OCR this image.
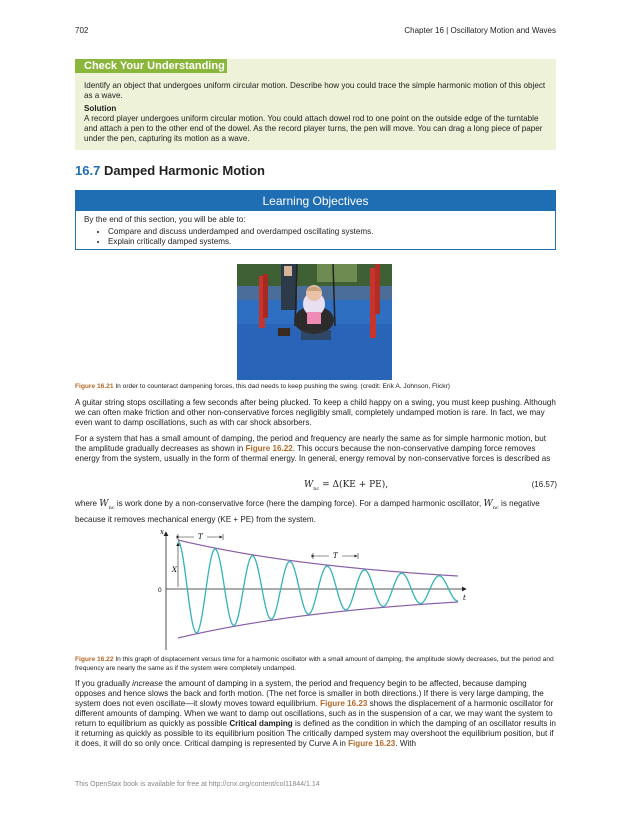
702	Chapter 16 | Oscillatory Motion and Waves
Check Your Understanding
Identify an object that undergoes uniform circular motion. Describe how you could trace the simple harmonic motion of this object as a wave.
Solution
A record player undergoes uniform circular motion. You could attach dowel rod to one point on the outside edge of the turntable and attach a pen to the other end of the dowel. As the record player turns, the pen will move. You can drag a long piece of paper under the pen, capturing its motion as a wave.
16.7 Damped Harmonic Motion
Learning Objectives
By the end of this section, you will be able to:
• Compare and discuss underdamped and overdamped oscillating systems.
• Explain critically damped systems.
Figure 16.21 In order to counteract dampening forces, this dad needs to keep pushing the swing. (credit: Erik A. Johnson, Flickr)
A guitar string stops oscillating a few seconds after being plucked. To keep a child happy on a swing, you must keep pushing. Although we can often make friction and other non-conservative forces negligibly small, completely undamped motion is rare. In fact, we may even want to damp oscillations, such as with car shock absorbers.
For a system that has a small amount of damping, the period and frequency are nearly the same as for simple harmonic motion, but the amplitude gradually decreases as shown in Figure 16.22. This occurs because the non-conservative damping force removes energy from the system, usually in the form of thermal energy. In general, energy removal by non-conservative forces is described as
$W_{nc} = \Delta(KE + PE)$,	(16.57)
where $W_{nc}$ is work done by a non-conservative force (here the damping force). For a damped harmonic oscillator, $W_{nc}$ is negative because it removes mechanical energy (KE + PE) from the system.
x
t
0
X
T
T
Figure 16.22 In this graph of displacement versus time for a harmonic oscillator with a small amount of damping, the amplitude slowly decreases, but the period and frequency are nearly the same as if the system were completely undamped.
If you gradually increase the amount of damping in a system, the period and frequency begin to be affected, because damping opposes and hence slows the back and forth motion. (The net force is smaller in both directions.) If there is very large damping, the system does not even oscillate—it slowly moves toward equilibrium. Figure 16.23 shows the displacement of a harmonic oscillator for different amounts of damping. When we want to damp out oscillations, such as in the suspension of a car, we may want the system to return to equilibrium as quickly as possible Critical damping is defined as the condition in which the damping of an oscillator results in it returning as quickly as possible to its equilibrium position The critically damped system may overshoot the equilibrium position, but if it does, it will do so only once. Critical damping is represented by Curve A in Figure 16.23. With
This OpenStax book is available for free at http://cnx.org/content/col11844/1.14
